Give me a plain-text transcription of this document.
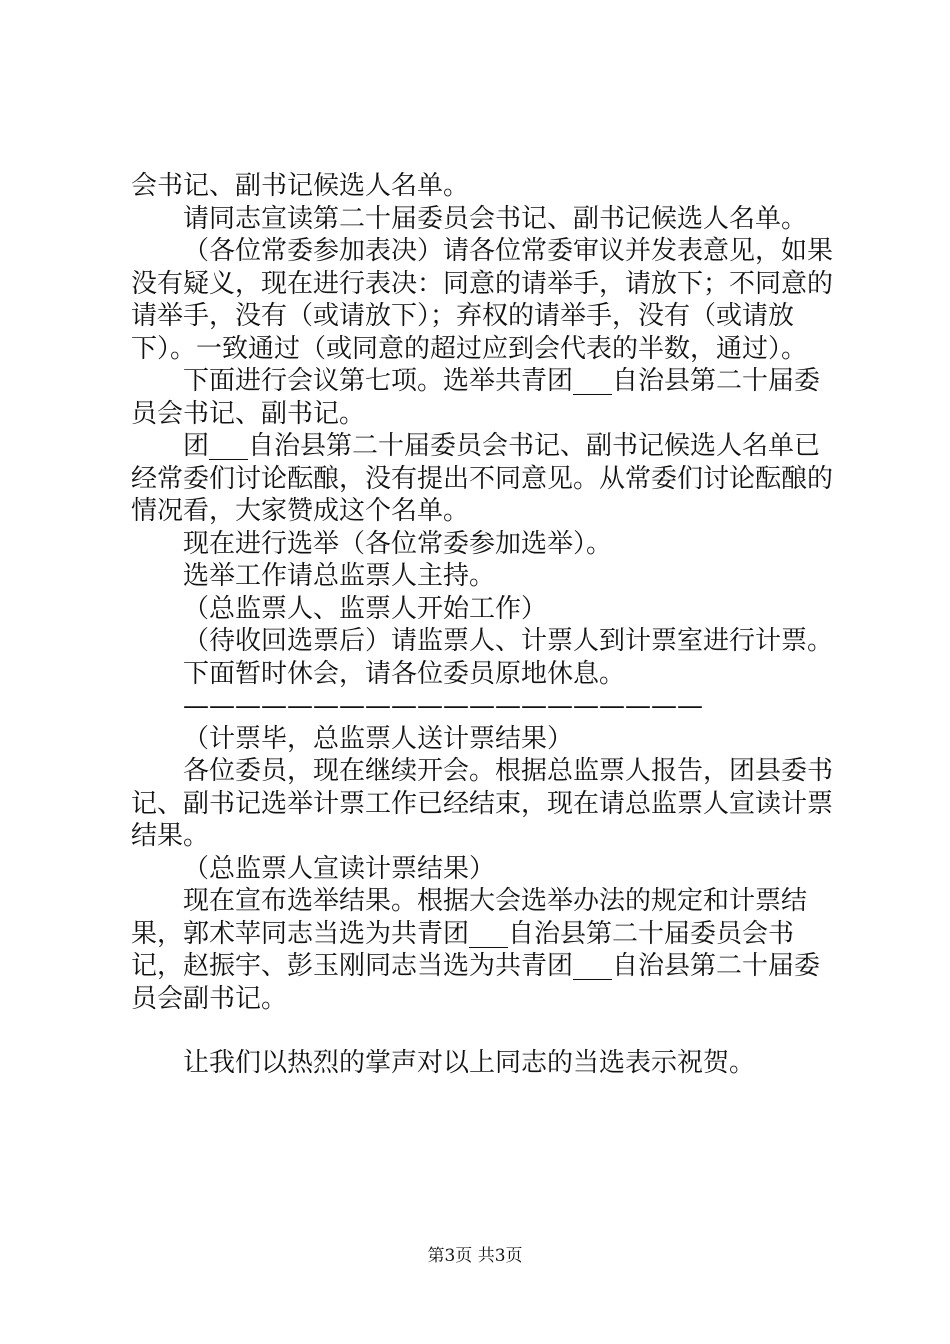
会书记、副书记候选人名单。

请同志宣读第二十届委员会书记、副书记候选人名单。

（各位常委参加表决）请各位常委审议并发表意见，如果没有疑义，现在进行表决：同意的请举手，请放下；不同意的请举手，没有（或请放下）；弃权的请举手，没有（或请放下）。一致通过（或同意的超过应到会代表的半数，通过）。

下面进行会议第七项。选举共青团___自治县第二十届委员会书记、副书记。

团___自治县第二十届委员会书记、副书记候选人名单已经常委们讨论酝酿，没有提出不同意见。从常委们讨论酝酿的情况看，大家赞成这个名单。

现在进行选举（各位常委参加选举）。

选举工作请总监票人主持。

（总监票人、监票人开始工作）

（待收回选票后）请监票人、计票人到计票室进行计票。

下面暂时休会，请各位委员原地休息。

————————————————————

（计票毕，总监票人送计票结果）

各位委员，现在继续开会。根据总监票人报告，团县委书记、副书记选举计票工作已经结束，现在请总监票人宣读计票结果。

（总监票人宣读计票结果）

现在宣布选举结果。根据大会选举办法的规定和计票结果，郭术苹同志当选为共青团___自治县第二十届委员会书记，赵振宇、彭玉刚同志当选为共青团___自治县第二十届委员会副书记。

让我们以热烈的掌声对以上同志的当选表示祝贺。

第3页 共3页
